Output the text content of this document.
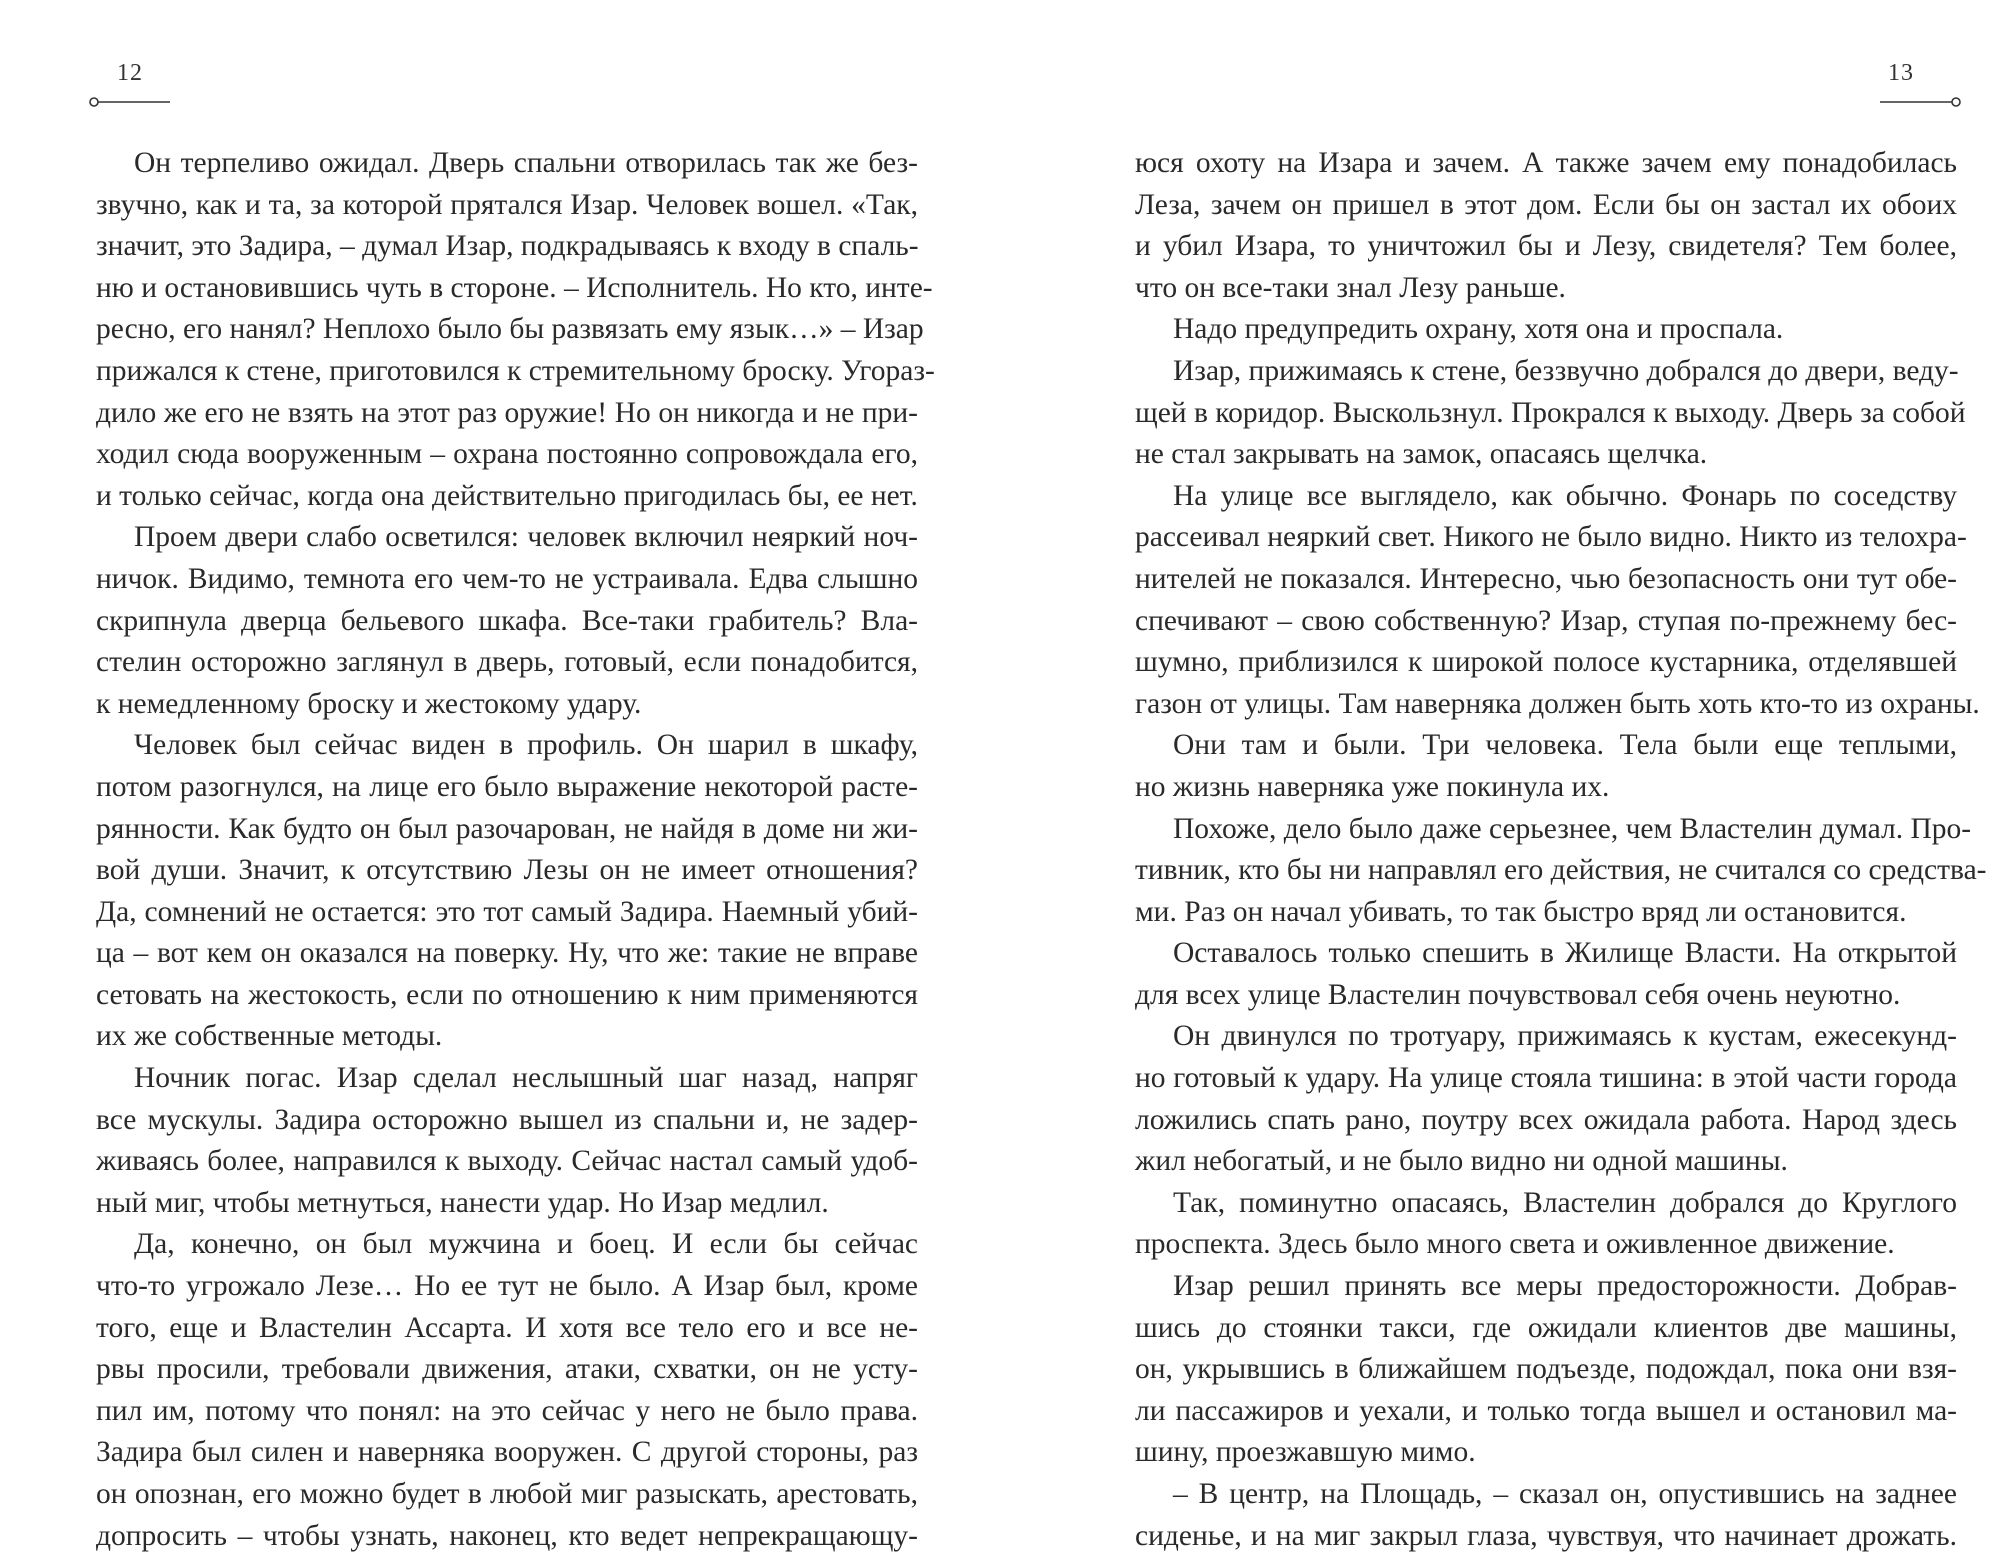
12
Он терпеливо ожидал. Дверь спальни отворилась так же без-
звучно, как и та, за которой прятался Изар. Человек вошел. «Так,
значит, это Задира, – думал Изар, подкрадываясь к входу в спаль-
ню и остановившись чуть в стороне. – Исполнитель. Но кто, инте-
ресно, его нанял? Неплохо было бы развязать ему язык…» – Изар
прижался к стене, приготовился к стремительному броску. Угораз-
дило же его не взять на этот раз оружие! Но он никогда и не при-
ходил сюда вооруженным – охрана постоянно сопровождала его,
и только сейчас, когда она действительно пригодилась бы, ее нет.
Проем двери слабо осветился: человек включил неяркий ноч-
ничок. Видимо, темнота его чем-то не устраивала. Едва слышно
скрипнула дверца бельевого шкафа. Все-таки грабитель? Вла-
стелин осторожно заглянул в дверь, готовый, если понадобится,
к немедленному броску и жестокому удару.
Человек был сейчас виден в профиль. Он шарил в шкафу,
потом разогнулся, на лице его было выражение некоторой расте-
рянности. Как будто он был разочарован, не найдя в доме ни жи-
вой души. Значит, к отсутствию Лезы он не имеет отношения?
Да, сомнений не остается: это тот самый Задира. Наемный убий-
ца – вот кем он оказался на поверку. Ну, что же: такие не вправе
сетовать на жестокость, если по отношению к ним применяются
их же собственные методы.
Ночник погас. Изар сделал неслышный шаг назад, напряг
все мускулы. Задира осторожно вышел из спальни и, не задер-
живаясь более, направился к выходу. Сейчас настал самый удоб-
ный миг, чтобы метнуться, нанести удар. Но Изар медлил.
Да, конечно, он был мужчина и боец. И если бы сейчас
что-то угрожало Лезе… Но ее тут не было. А Изар был, кроме
того, еще и Властелин Ассарта. И хотя все тело его и все не-
рвы просили, требовали движения, атаки, схватки, он не усту-
пил им, потому что понял: на это сейчас у него не было права.
Задира был силен и наверняка вооружен. С другой стороны, раз
он опознан, его можно будет в любой миг разыскать, арестовать,
допросить – чтобы узнать, наконец, кто ведет непрекращающу-
13
юся охоту на Изара и зачем. А также зачем ему понадобилась
Леза, зачем он пришел в этот дом. Если бы он застал их обоих
и убил Изара, то уничтожил бы и Лезу, свидетеля? Тем более,
что он все-таки знал Лезу раньше.
Надо предупредить охрану, хотя она и проспала.
Изар, прижимаясь к стене, беззвучно добрался до двери, веду-
щей в коридор. Выскользнул. Прокрался к выходу. Дверь за собой
не стал закрывать на замок, опасаясь щелчка.
На улице все выглядело, как обычно. Фонарь по соседству
рассеивал неяркий свет. Никого не было видно. Никто из телохра-
нителей не показался. Интересно, чью безопасность они тут обе-
спечивают – свою собственную? Изар, ступая по-прежнему бес-
шумно, приблизился к широкой полосе кустарника, отделявшей
газон от улицы. Там наверняка должен быть хоть кто-то из охраны.
Они там и были. Три человека. Тела были еще теплыми,
но жизнь наверняка уже покинула их.
Похоже, дело было даже серьезнее, чем Властелин думал. Про-
тивник, кто бы ни направлял его действия, не считался со средства-
ми. Раз он начал убивать, то так быстро вряд ли остановится.
Оставалось только спешить в Жилище Власти. На открытой
для всех улице Властелин почувствовал себя очень неуютно.
Он двинулся по тротуару, прижимаясь к кустам, ежесекунд-
но готовый к удару. На улице стояла тишина: в этой части города
ложились спать рано, поутру всех ожидала работа. Народ здесь
жил небогатый, и не было видно ни одной машины.
Так, поминутно опасаясь, Властелин добрался до Круглого
проспекта. Здесь было много света и оживленное движение.
Изар решил принять все меры предосторожности. Добрав-
шись до стоянки такси, где ожидали клиентов две машины,
он, укрывшись в ближайшем подъезде, подождал, пока они взя-
ли пассажиров и уехали, и только тогда вышел и остановил ма-
шину, проезжавшую мимо.
– В центр, на Площадь, – сказал он, опустившись на заднее
сиденье, и на миг закрыл глаза, чувствуя, что начинает дрожать.
